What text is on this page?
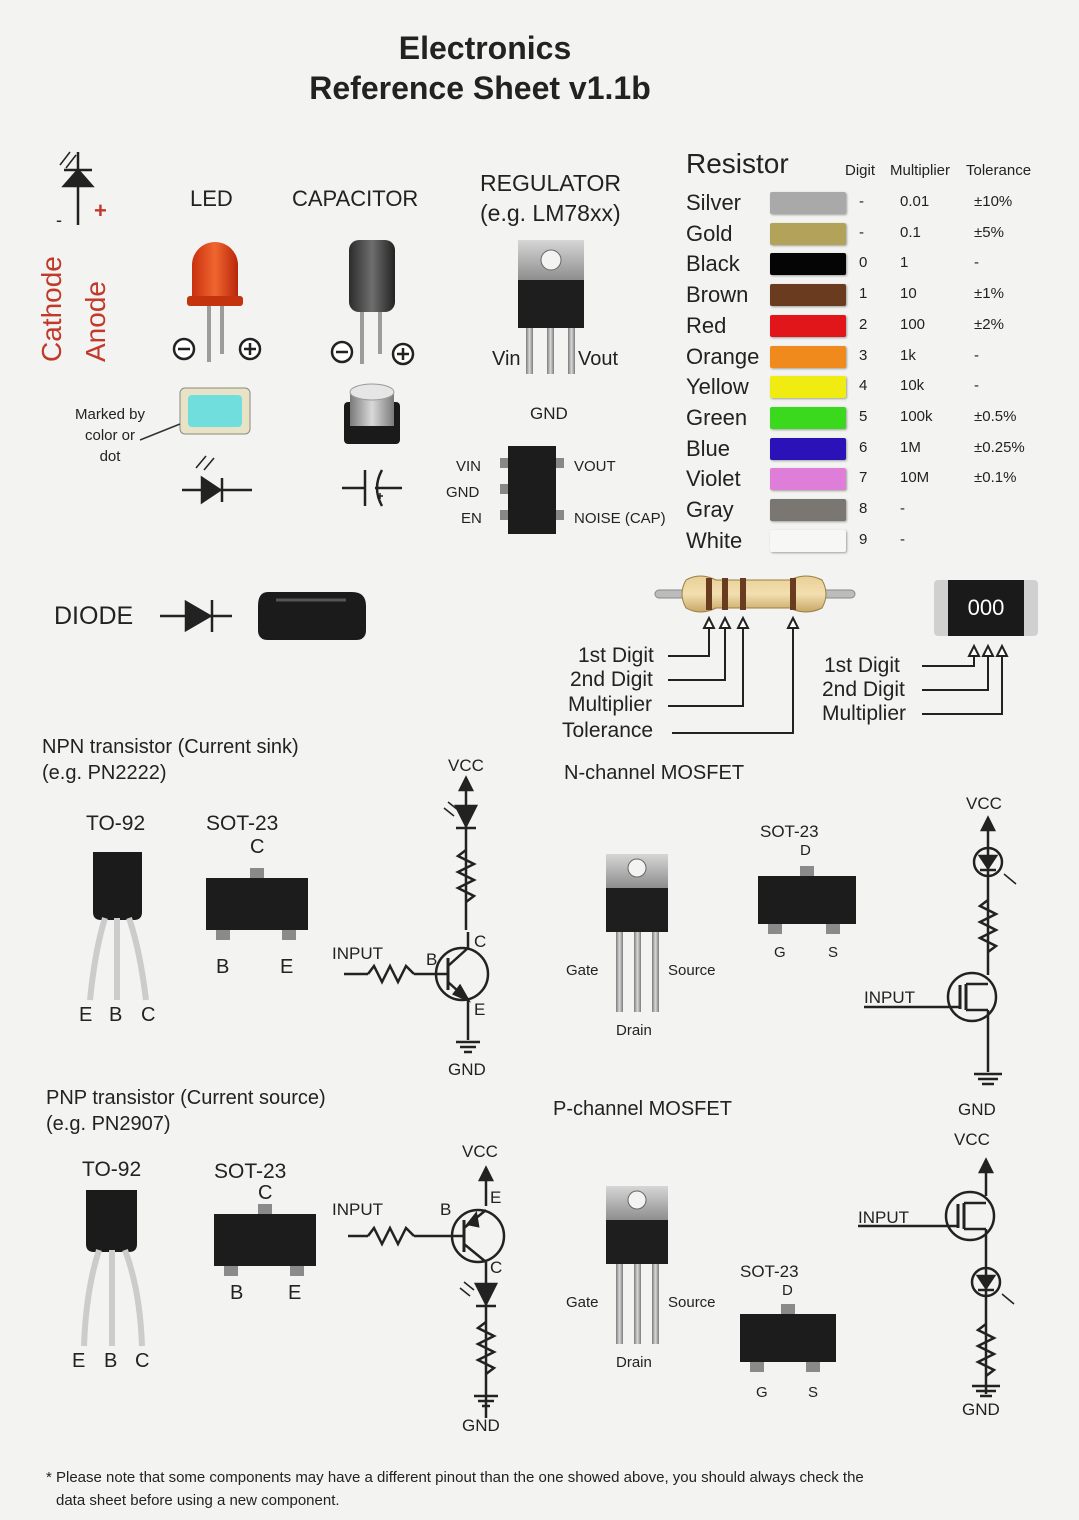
Electronics
Reference Sheet v1.1b
LED
Cathode
-
Anode
+
Marked by
color or
dot
CAPACITOR
REGULATOR
(e.g. LM78xx)
Vin	Vout
GND
VIN
GND
EN
VOUT
NOISE (CAP)
Resistor	Digit Multiplier Tolerance
Silver	- 0.01	±10%
Gold	- 0.1	±5%
Black	0 1	-
Brown	1 10	±1%
Red	2 100	±2%
Orange	3 1k	-
Yellow	4 10k	-
Green	5 100k	±0.5%
Blue	6 1M	±0.25%
Violet	7 10M	±0.1%
Gray	8 -
White	9 -
1st Digit
2nd Digit
Multiplier
Tolerance
000
1st Digit
2nd Digit
Multiplier
DIODE
NPN transistor (Current sink)
(e.g. PN2222)
TO-92	SOT-23
C
B	E
E B C
VCC
GND
INPUT	B
C
E
PNP transistor (Current source)
(e.g. PN2907)
TO-92	SOT-23
C
B E
E B C
VCC
GND
INPUT	B
E
C
N-channel MOSFET
SOT-23
D
G	S
Gate	Source
Drain
VCC
GND
INPUT
P-channel MOSFET
SOT-23
D
G	S
Gate	Source
Drain
VCC
GND
INPUT
* Please note that some components may have a different pinout than the one showed above, you should always check the
data sheet before using a new component.
